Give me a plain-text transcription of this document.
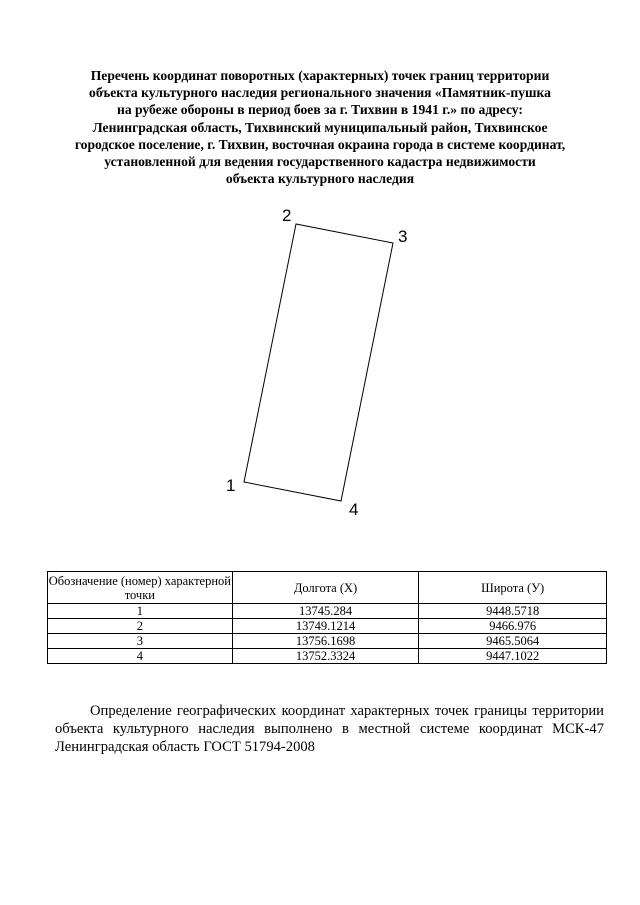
Перечень координат поворотных (характерных) точек границ территории
объекта культурного наследия регионального значения «Памятник-пушка
на рубеже обороны в период боев за г. Тихвин в 1941 г.» по адресу:
Ленинградская область, Тихвинский муниципальный район, Тихвинское
городское поселение, г. Тихвин, восточная окраина города в системе координат,
установленной для ведения государственного кадастра недвижимости
объекта культурного наследия
1
2
3
4
Обозначение (номер) характерной точки	Долгота (X)	Широта (У)
1	13745.284	9448.5718
2	13749.1214	9466.976
3	13756.1698	9465.5064
4	13752.3324	9447.1022

Определение географических координат характерных точек границы территории объекта культурного наследия выполнено в местной системе координат МСК-47 Ленинградская область ГОСТ 51794-2008
